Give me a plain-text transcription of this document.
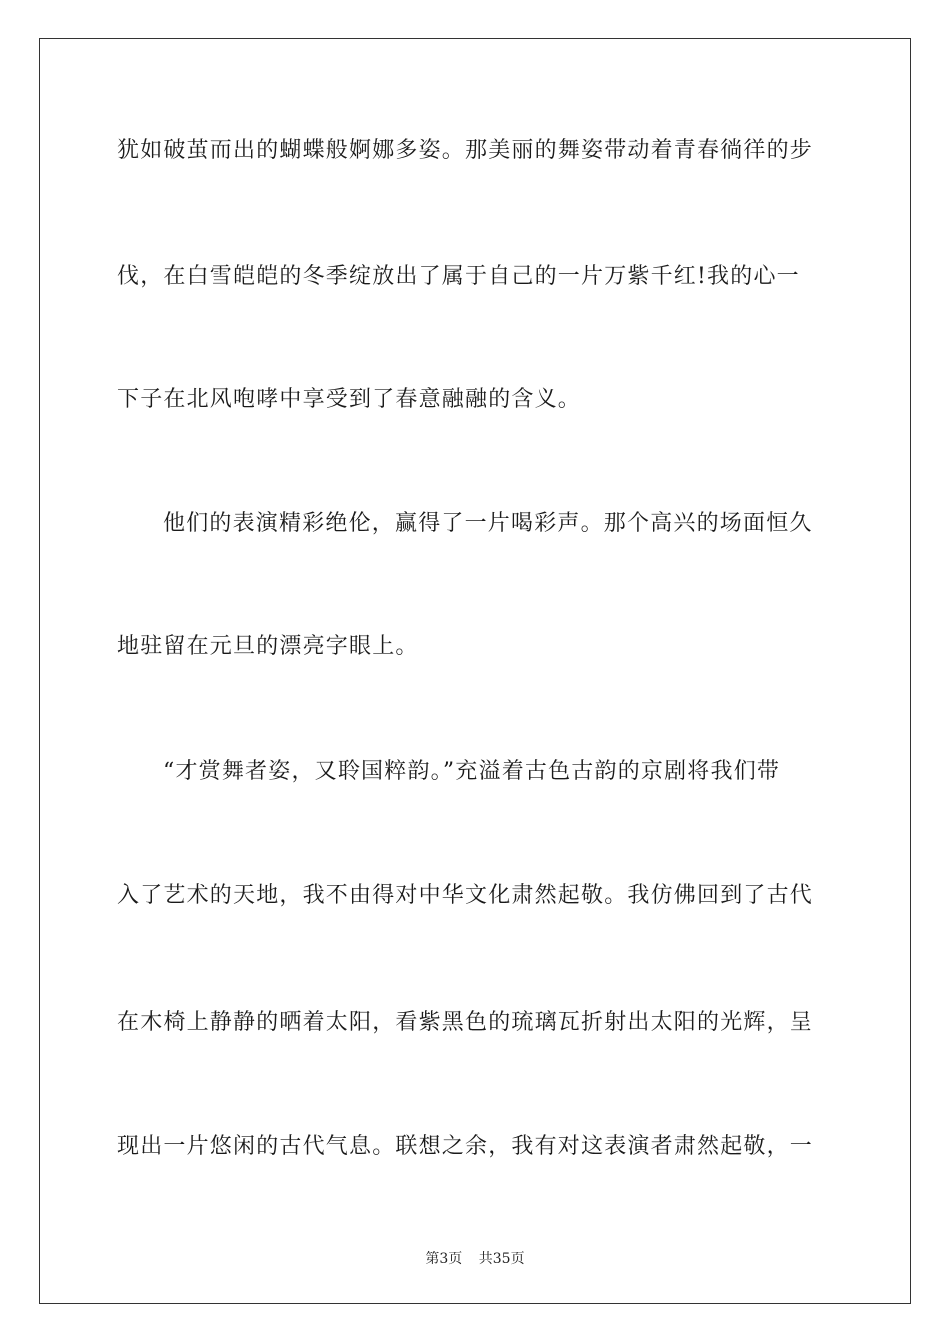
犹如破茧而出的蝴蝶般婀娜多姿。那美丽的舞姿带动着青春徜徉的步
伐，在白雪皑皑的冬季绽放出了属于自己的一片万紫千红!我的心一
下子在北风咆哮中享受到了春意融融的含义。
他们的表演精彩绝伦，赢得了一片喝彩声。那个高兴的场面恒久
地驻留在元旦的漂亮字眼上。
“才赏舞者姿，又聆国粹韵。”充溢着古色古韵的京剧将我们带
入了艺术的天地，我不由得对中华文化肃然起敬。我仿佛回到了古代
在木椅上静静的晒着太阳，看紫黑色的琉璃瓦折射出太阳的光辉，呈
现出一片悠闲的古代气息。联想之余，我有对这表演者肃然起敬，一
第3页 共35页
